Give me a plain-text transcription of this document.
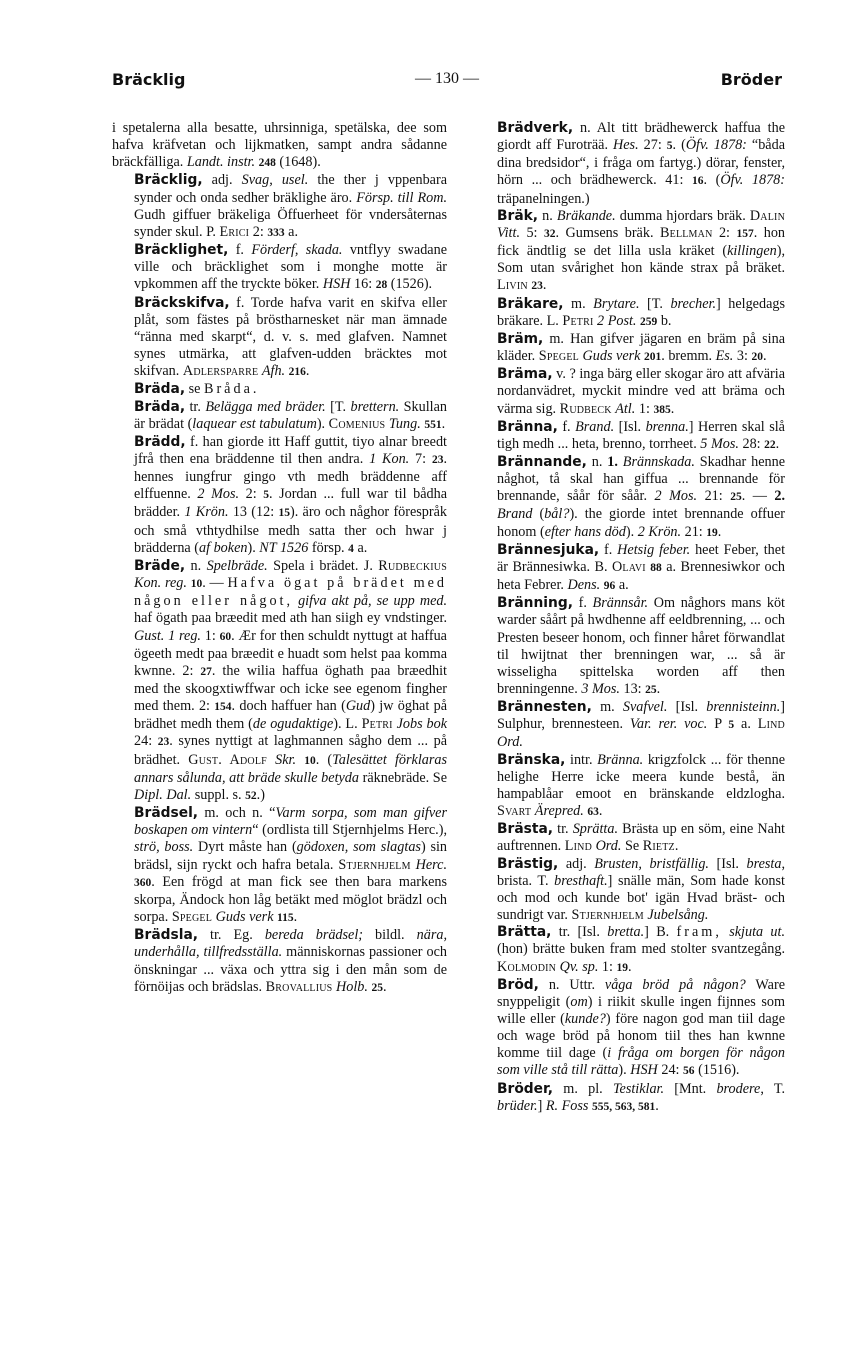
Bräcklig	— 130 —	Bröder

i spetalerna alla besatte, uhrsinniga, spetälska, dee som hafva kräfvetan och lijkmatken, sampt andra sådanne bräckfälliga. Landt. instr. 248 (1648).

Bräcklig, adj. Svag, usel. the ther j vppenbara synder och onda sedher bräklighe äro. Försp. till Rom. Gudh giffuer bräkeliga Öffuerheet för vndersåternas synder skul. P. Erici 2: 333 a.

Bräcklighet, f. Förderf, skada. vntflyy swadane ville och bräcklighet som i monghe motte är vpkommen aff the tryckte böker. HSH 16: 28 (1526).

Bräckskifva, f. Torde hafva varit en skifva eller plåt, som fästes på bröstharnesket när man ämnade “ränna med skarpt“, d. v. s. med glafven. Namnet synes utmärka, att glafven-udden bräcktes mot skifvan. Adlersparre Afh. 216.

Bräda, se Bråda.

Bräda, tr. Belägga med bräder. [T. brettern. Skullan är brädat (laquear est tabulatum). Comenius Tung. 551.

Brädd, f. han giorde itt Haff guttit, tiyo alnar breedt jfrå then ena bräddenne til then andra. 1 Kon. 7: 23. hennes iungfrur gingo vth medh bräddenne aff elffuenne. 2 Mos. 2: 5. Jordan ... full war til bådha brädder. 1 Krön. 13 (12: 15). äro och någhor förespråk och små vthtydhilse medh satta ther och hwar j brädderna (af boken). NT 1526 försp. 4 a.

Bräde, n. Spelbräde. Spela i brädet. J. Rudbeckius Kon. reg. 10. — Hafva ögat på brädet med någon eller något, gifva akt på, se upp med. haf ögath paa bræedit med ath han siigh ey vndstinger. Gust. 1 reg. 1: 60. Ær for then schuldt nyttugt at haffua ögeeth medt paa bræedit e huadt som helst paa komma kwnne. 2: 27. the wilia haffua öghath paa bræedhit med the skoogxtiwffwar och icke see egenom fingher med them. 2: 154. doch haffuer han (Gud) jw öghat på brädhet medh them (de ogudaktige). L. Petri Jobs bok 24: 23. synes nyttigt at laghmannen sågho dem ... på brädhet. Gust. Adolf Skr. 10. (Talesättet förklaras annars sålunda, att bräde skulle betyda räknebräde. Se Dipl. Dal. suppl. s. 52.)

Brädsel, m. och n. “Varm sorpa, som man gifver boskapen om vintern“ (ordlista till Stjernhjelms Herc.), strö, boss. Dyrt måste han (gödoxen, som slagtas) sin brädsl, sijn ryckt och hafra betala. Stjernhjelm Herc. 360. Een frögd at man fick see then bara markens skorpa, Ändock hon låg betäkt med möglot brädzl och sorpa. Spegel Guds verk 115.

Brädsla, tr. Eg. bereda brädsel; bildl. nära, underhålla, tillfredsställa. människornas passioner och önskningar ... växa och yttra sig i den mån som de förnöijas och brädslas. Brovallius Holb. 25.

Brädverk, n. Alt titt brädhewerck haffua the giordt aff Furoträä. Hes. 27: 5. (Öfv. 1878: “båda dina bredsidor“, i fråga om fartyg.) dörar, fenster, hörn ... och brädhewerck. 41: 16. (Öfv. 1878: träpanelningen.)

Bräk, n. Bräkande. dumma hjordars bräk. Dalin Vitt. 5: 32. Gumsens bräk. Bellman 2: 157. hon fick ändtlig se det lilla usla kräket (killingen), Som utan svårighet hon kände strax på bräket. Livin 23.

Bräkare, m. Brytare. [T. brecher.] helgedags bräkare. L. Petri 2 Post. 259 b.

Bräm, m. Han gifver jägaren en bräm på sina kläder. Spegel Guds verk 201. bremm. Es. 3: 20.

Bräma, v. ? inga bärg eller skogar äro att afväria nordanvädret, myckit mindre ved att bräma och värma sig. Rudbeck Atl. 1: 385.

Bränna, f. Brand. [Isl. brenna.] Herren skal slå tigh medh ... heta, brenno, torrheet. 5 Mos. 28: 22.

Brännande, n. 1. Brännskada. Skadhar henne någhot, tå skal han giffua ... brennande för brennande, såår för såår. 2 Mos. 21: 25. — 2. Brand (bål?). the giorde intet brennande offuer honom (efter hans död). 2 Krön. 21: 19.

Brännesjuka, f. Hetsig feber. heet Feber, thet är Brännesiwka. B. Olavi 88 a. Brennesiwkor och heta Febrer. Dens. 96 a.

Bränning, f. Brännsår. Om någhors mans köt warder såårt på hwdhenne aff eeldbrenning, ... och Presten beseer honom, och finner håret förwandlat til hwijtnat ther brenningen war, ... så är wisseligha spittelska worden aff then brenningenne. 3 Mos. 13: 25.

Brännesten, m. Svafvel. [Isl. brennisteinn.] Sulphur, brennesteen. Var. rer. voc. P 5 a. Lind Ord.

Bränska, intr. Bränna. krigzfolck ... för thenne helighe Herre icke meera kunde bestå, än hampablåar emoot en bränskande eldzlogha. Svart Ärepred. 63.

Brästa, tr. Sprätta. Bräsŧa up en söm, eine Naht auftrennen. Lind Ord. Se Rietz.

Brästig, adj. Brusten, bristfällig. [Isl. bresta, brista. T. bresthaft.] snälle män, Som hade konst och mod och kunde bot' igän Hvad bräst- och sundrigt var. Stjernhjelm Jubelsång.

Brätta, tr. [Isl. bretta.] B. fram, skjuta ut. (hon) brätte buken fram med stolter svantzegång. Kolmodin Qv. sp. 1: 19.

Bröd, n. Uttr. våga bröd på någon? Ware snyppeligit (om) i riikit skulle ingen fijnnes som wille eller (kunde?) före nagon god man tiil dage och wage bröd på honom tiil thes han kwnne komme tiil dage (i fråga om borgen för någon som ville stå till rätta). HSH 24: 56 (1516).

Bröder, m. pl. Testiklar. [Mnt. brodere, T. brüder.] R. Foss 555, 563, 581.
